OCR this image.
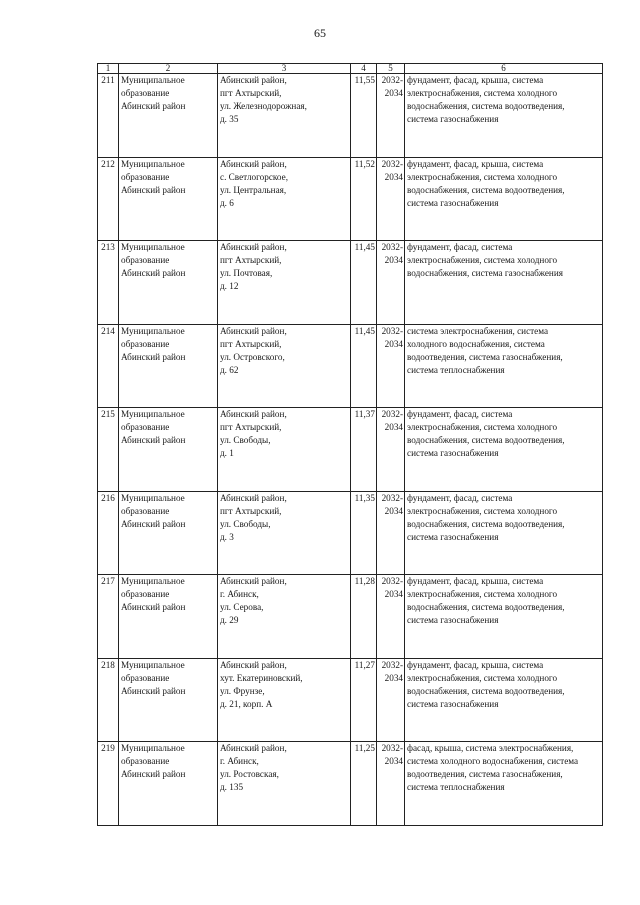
65
1	2	3	4	5	6
211	Муниципальное
образование
Абинский район	Абинский район,
пгт Ахтырский,
ул. Железнодорожная,
д. 35	11,55	2032-
2034	фундамент, фасад, крыша, система
электроснабжения, система холодного
водоснабжения, система водоотведения,
система газоснабжения

212	Муниципальное
образование
Абинский район	Абинский район,
с. Светлогорское,
ул. Центральная,
д. 6	11,52	2032-
2034	фундамент, фасад, крыша, система
электроснабжения, система холодного
водоснабжения, система водоотведения,
система газоснабжения

213	Муниципальное
образование
Абинский район	Абинский район,
пгт Ахтырский,
ул. Почтовая,
д. 12	11,45	2032-
2034	фундамент, фасад, система
электроснабжения, система холодного
водоснабжения, система газоснабжения

214	Муниципальное
образование
Абинский район	Абинский район,
пгт Ахтырский,
ул. Островского,
д. 62	11,45	2032-
2034	система электроснабжения, система
холодного водоснабжения, система
водоотведения, система газоснабжения,
система теплоснабжения

215	Муниципальное
образование
Абинский район	Абинский район,
пгт Ахтырский,
ул. Свободы,
д. 1	11,37	2032-
2034	фундамент, фасад, система
электроснабжения, система холодного
водоснабжения, система водоотведения,
система газоснабжения

216	Муниципальное
образование
Абинский район	Абинский район,
пгт Ахтырский,
ул. Свободы,
д. 3	11,35	2032-
2034	фундамент, фасад, система
электроснабжения, система холодного
водоснабжения, система водоотведения,
система газоснабжения

217	Муниципальное
образование
Абинский район	Абинский район,
г. Абинск,
ул. Серова,
д. 29	11,28	2032-
2034	фундамент, фасад, крыша, система
электроснабжения, система холодного
водоснабжения, система водоотведения,
система газоснабжения

218	Муниципальное
образование
Абинский район	Абинский район,
хут. Екатериновский,
ул. Фрунзе,
д. 21, корп. А	11,27	2032-
2034	фундамент, фасад, крыша, система
электроснабжения, система холодного
водоснабжения, система водоотведения,
система газоснабжения

219	Муниципальное
образование
Абинский район	Абинский район,
г. Абинск,
ул. Ростовская,
д. 135	11,25	2032-
2034	фасад, крыша, система электроснабжения,
система холодного водоснабжения, система
водоотведения, система газоснабжения,
система теплоснабжения
